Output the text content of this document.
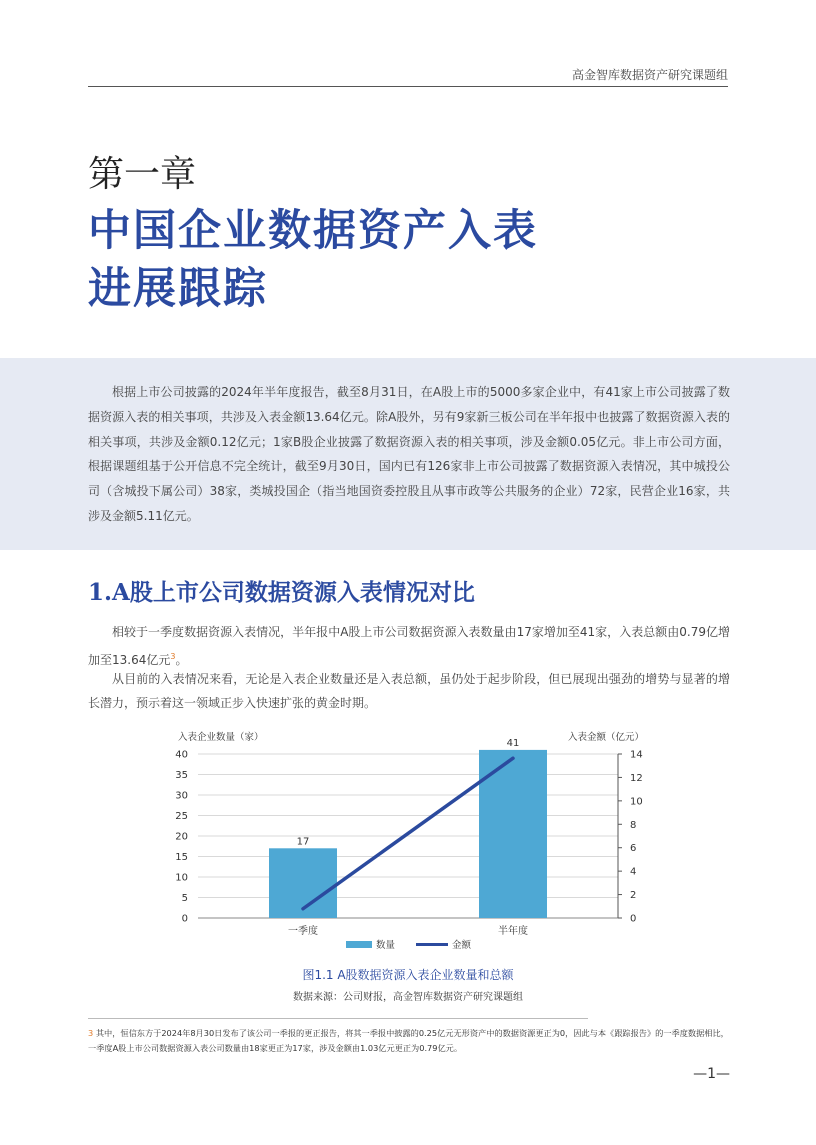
高金智库数据资产研究课题组
第一章
中国企业数据资产入表
进展跟踪

根据上市公司披露的2024年半年度报告，截至8月31日，在A股上市的5000多家企业中，有41家上市公司披露了数据资源入表的相关事项，共涉及入表金额13.64亿元。除A股外，另有9家新三板公司在半年报中也披露了数据资源入表的相关事项，共涉及金额0.12亿元；1家B股企业披露了数据资源入表的相关事项，涉及金额0.05亿元。非上市公司方面，根据课题组基于公开信息不完全统计，截至9月30日，国内已有126家非上市公司披露了数据资源入表情况，其中城投公司（含城投下属公司）38家，类城投国企（指当地国资委控股且从事市政等公共服务的企业）72家，民营企业16家，共涉及金额5.11亿元。

1.A股上市公司数据资源入表情况对比

相较于一季度数据资源入表情况，半年报中A股上市公司数据资源入表数量由17家增加至41家，入表总额由0.79亿增加至13.64亿元$^3$。

从目前的入表情况来看，无论是入表企业数量还是入表总额，虽仍处于起步阶段，但已展现出强劲的增势与显著的增长潜力，预示着这一领域正步入快速扩张的黄金时期。

入表企业数量（家）	入表金额（亿元）
0
5
10
15
20
25
30
35
40
0
2
4
6
8
10
12
14
17
41
一季度	半年度
数量	金额
图1.1 A股数据资源入表企业数量和总额
数据来源：公司财报，高金智库数据资产研究课题组

3 其中，恒信东方于2024年8月30日发布了该公司一季报的更正报告，将其一季报中披露的0.25亿元无形资产中的数据资源更正为0，因此与本《跟踪报告》的一季度数据相比，一季度A股上市公司数据资源入表公司数量由18家更正为17家，涉及金额由1.03亿元更正为0.79亿元。

—1—
